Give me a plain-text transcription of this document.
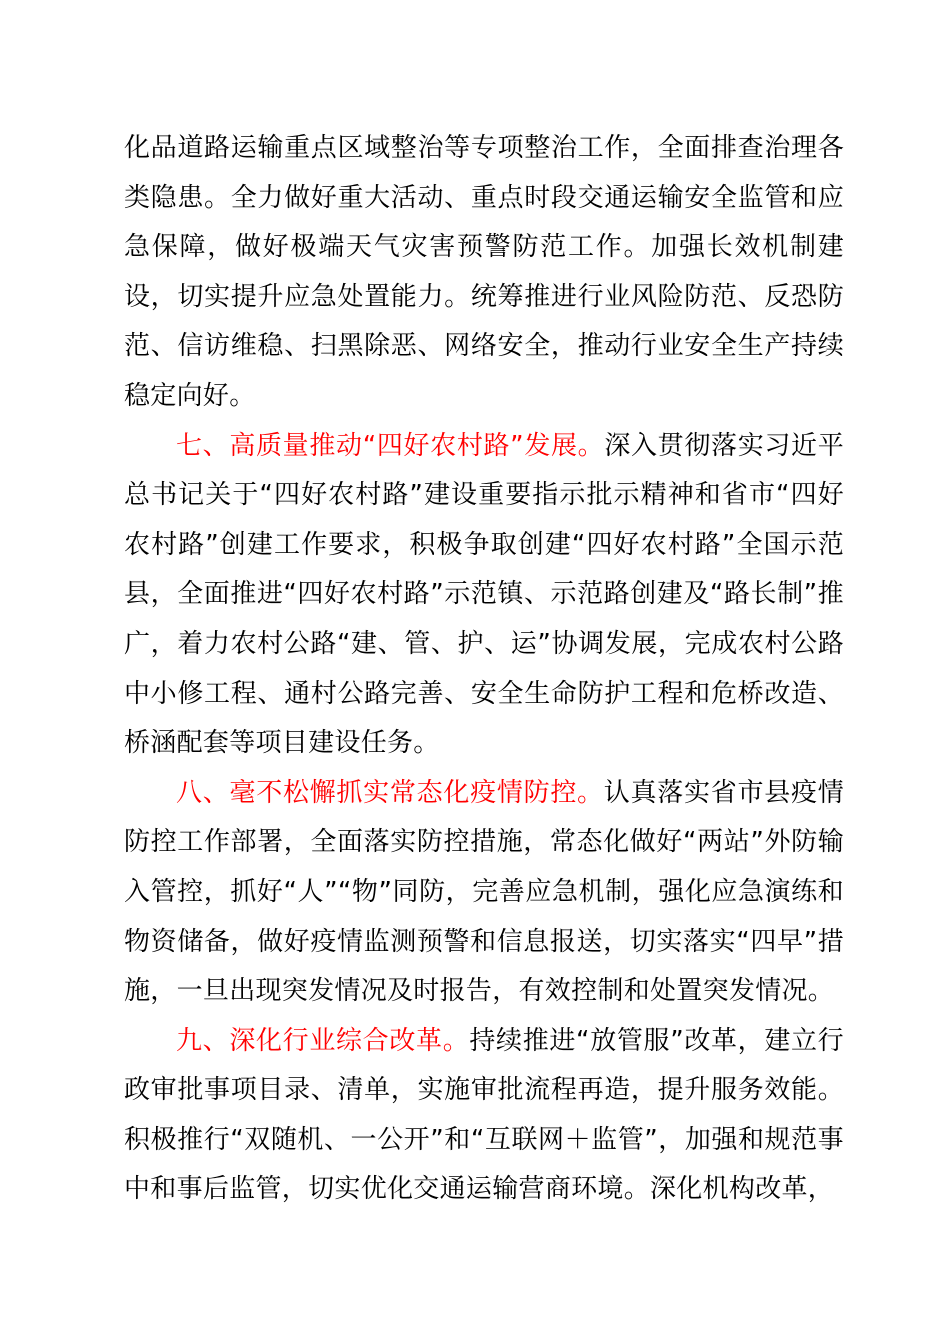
化品道路运输重点区域整治等专项整治工作，全面排查治理各类隐患。全力做好重大活动、重点时段交通运输安全监管和应急保障，做好极端天气灾害预警防范工作。加强长效机制建设，切实提升应急处置能力。统筹推进行业风险防范、反恐防范、信访维稳、扫黑除恶、网络安全，推动行业安全生产持续稳定向好。

七、高质量推动“四好农村路”发展。深入贯彻落实习近平总书记关于“四好农村路”建设重要指示批示精神和省市“四好农村路”创建工作要求，积极争取创建“四好农村路”全国示范县，全面推进“四好农村路”示范镇、示范路创建及“路长制”推广，着力农村公路“建、管、护、运”协调发展，完成农村公路中小修工程、通村公路完善、安全生命防护工程和危桥改造、桥涵配套等项目建设任务。

八、毫不松懈抓实常态化疫情防控。认真落实省市县疫情防控工作部署，全面落实防控措施，常态化做好“两站”外防输入管控，抓好“人”“物”同防，完善应急机制，强化应急演练和物资储备，做好疫情监测预警和信息报送，切实落实“四早”措施，一旦出现突发情况及时报告，有效控制和处置突发情况。

九、深化行业综合改革。持续推进“放管服”改革，建立行政审批事项目录、清单，实施审批流程再造，提升服务效能。积极推行“双随机、一公开”和“互联网＋监管”，加强和规范事中和事后监管，切实优化交通运输营商环境。深化机构改革，
